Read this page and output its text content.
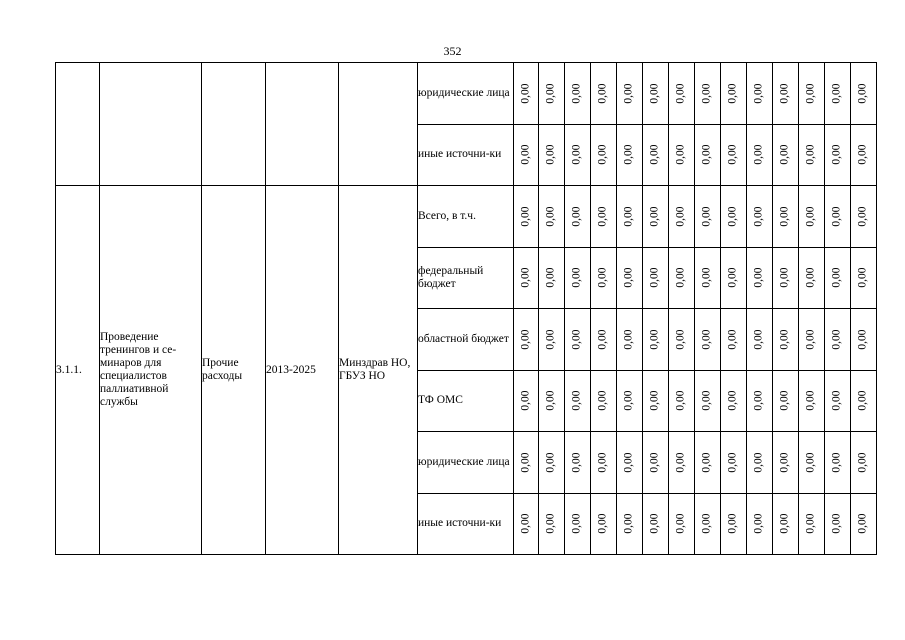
352
					юридические лица	0,00	0,00	0,00	0,00	0,00	0,00	0,00	0,00	0,00	0,00	0,00	0,00	0,00	0,00
					иные источни-ки	0,00	0,00	0,00	0,00	0,00	0,00	0,00	0,00	0,00	0,00	0,00	0,00	0,00	0,00
3.1.1.	Проведение тренингов и се-минаров для специалистов паллиативной службы	Прочие расходы	2013-2025	Минздрав НО, ГБУЗ НО	Всего, в т.ч.	0,00	0,00	0,00	0,00	0,00	0,00	0,00	0,00	0,00	0,00	0,00	0,00	0,00	0,00
					федеральный бюджет	0,00	0,00	0,00	0,00	0,00	0,00	0,00	0,00	0,00	0,00	0,00	0,00	0,00	0,00
					областной бюджет	0,00	0,00	0,00	0,00	0,00	0,00	0,00	0,00	0,00	0,00	0,00	0,00	0,00	0,00
					ТФ ОМС	0,00	0,00	0,00	0,00	0,00	0,00	0,00	0,00	0,00	0,00	0,00	0,00	0,00	0,00
					юридические лица	0,00	0,00	0,00	0,00	0,00	0,00	0,00	0,00	0,00	0,00	0,00	0,00	0,00	0,00
					иные источни-ки	0,00	0,00	0,00	0,00	0,00	0,00	0,00	0,00	0,00	0,00	0,00	0,00	0,00	0,00
